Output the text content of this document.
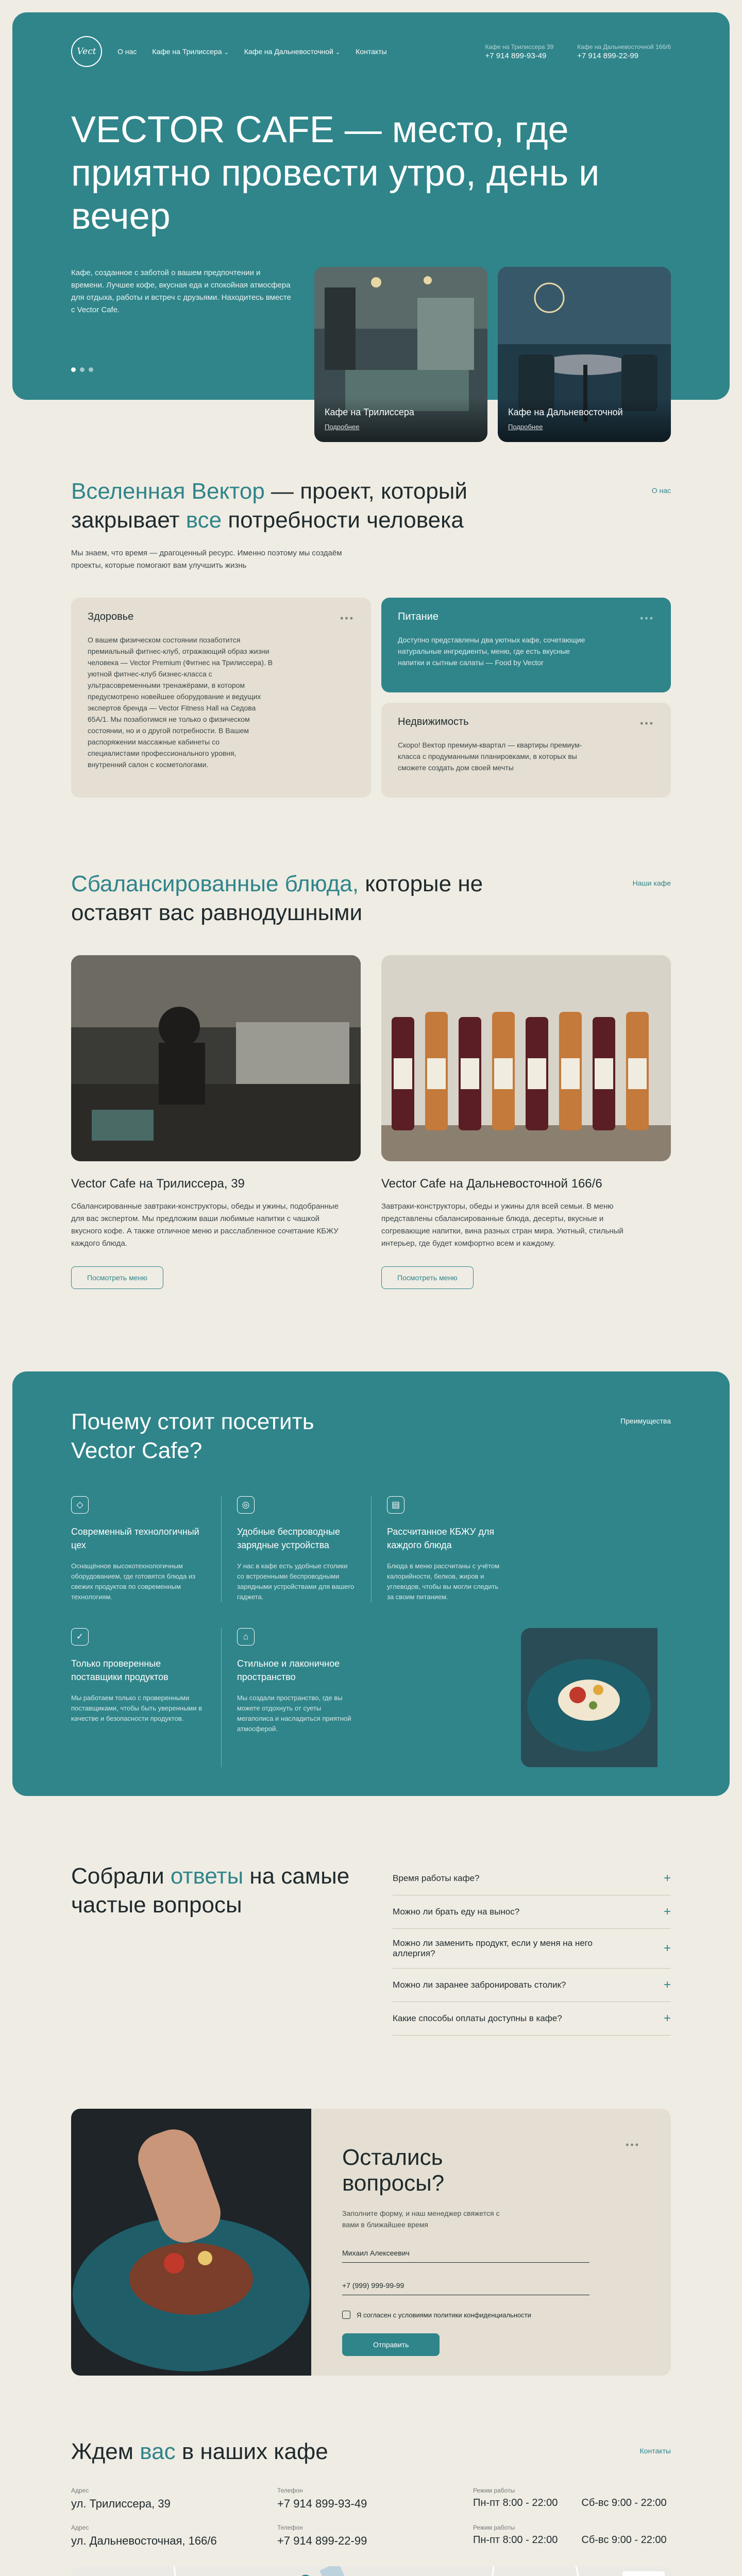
Vect	О нас Кафе на Трилиссера ⌄ Кафе на Дальневосточной ⌄ Контакты
Кафе на Трилиссера 39
+7 914 899-93-49
Кафе на Дальневосточной 166/6
+7 914 899-22-99
VECTOR CAFE — место, где приятно провести утро, день и вечер

Кафе, созданное с заботой о вашем предпочтении и времени. Лучшее кофе, вкусная еда и спокойная атмосфера для отдыха, работы и встреч с друзьями. Находитесь вместе с Vector Cafe.

Кафе на Трилиссера
Подробнее
Кафе на Дальневосточной
Подробнее
Вселенная Вектор — проект, который закрывает все потребности человека
О нас

Мы знаем, что время — драгоценный ресурс. Именно поэтому мы создаём проекты, которые помогают вам улучшить жизнь

Здоровье	•••

О вашем физическом состоянии позаботится премиальный фитнес-клуб, отражающий образ жизни человека — Vector Premium (Фитнес на Трилиссера). В уютной фитнес-клуб бизнес-класса с ультрасовременными тренажёрами, в котором предусмотрено новейшее оборудование и ведущих экспертов бренда — Vector Fitness Hall на Седова 65А/1. Мы позаботимся не только о физическом состоянии, но и о другой потребности. В Вашем распоряжении массажные кабинеты со специалистами профессионального уровня, внутренний салон с косметологами.

Питание	•••

Доступно представлены два уютных кафе, сочетающие натуральные ингредиенты, меню, где есть вкусные напитки и сытные салаты — Food by Vector

Недвижимость	•••

Скоро! Вектор премиум-квартал — квартиры премиум-класса с продуманными планировками, в которых вы сможете создать дом своей мечты

Сбалансированные блюда, которые не оставят вас равнодушными
Наши кафе
Vector Cafe на Трилиссера, 39

Сбалансированные завтраки-конструкторы, обеды и ужины, подобранные для вас экспертом. Мы предложим ваши любимые напитки с чашкой вкусного кофе. А также отличное меню и расслабленное сочетание КБЖУ каждого блюда.

Посмотреть меню
Vector Cafe на Дальневосточной 166/6

Завтраки-конструкторы, обеды и ужины для всей семьи. В меню представлены сбалансированные блюда, десерты, вкусные и согревающие напитки, вина разных стран мира. Уютный, стильный интерьер, где будет комфортно всем и каждому.

Посмотреть меню
Почему стоит посетить Vector Cafe?
Преимущества
◇
Современный технологичный цех

Оснащённое высокотехнологичным оборудованием, где готовятся блюда из свежих продуктов по современным технологиям.

◎
Удобные беспроводные зарядные устройства

У нас в кафе есть удобные столики со встроенными беспроводными зарядными устройствами для вашего гаджета.

▤
Рассчитанное КБЖУ для каждого блюда

Блюда в меню рассчитаны с учётом калорийности, белков, жиров и углеводов, чтобы вы могли следить за своим питанием.

✓
Только проверенные поставщики продуктов

Мы работаем только с проверенными поставщиками, чтобы быть уверенными в качестве и безопасности продуктов.

⌂
Стильное и лаконичное пространство

Мы создали пространство, где вы можете отдохнуть от суеты мегаполиса и насладиться приятной атмосферой.

Собрали ответы на самые частые вопросы
Время работы кафе?	+
Можно ли брать еду на вынос?	+
Можно ли заменить продукт, если у меня на него аллергия?	+
Можно ли заранее забронировать столик?	+
Какие способы оплаты доступны в кафе?	+
•••
Остались вопросы?

Заполните форму, и наш менеджер свяжется с вами в ближайшее время

Михаил Алексеевич
+7 (999) 999-99-99
Я согласен с условиями политики конфиденциальности
Отправить
Ждем вас в наших кафе	Контакты
Адрес
ул. Трилиссера, 39
Телефон
+7 914 899-93-49
Режим работы
Пн-пт 8:00 - 22:00 Сб-вс 9:00 - 22:00
Адрес
ул. Дальневосточная, 166/6
Телефон
+7 914 899-22-99
Режим работы
Пн-пт 8:00 - 22:00 Сб-вс 9:00 - 22:00
